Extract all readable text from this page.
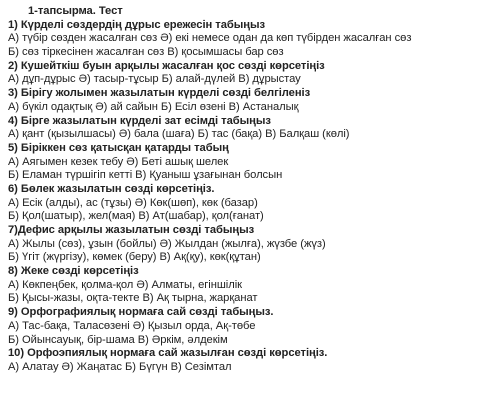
1-тапсырма. Тест
1) Күрделі сөздердің дұрыс ережесін табыңыз
А) түбір сөзден жасалған сөз Ә) екі немесе одан да көп түбірден жасалған сөз
Б) сөз тіркесінен жасалған сөз В) қосымшасы бар сөз
2) Кушейткіш буын арқылы жасалған қос сөзді көрсетіңіз
А) дұп-дұрыс Ә) тасыр-тұсыр Б) алай-дүлей В) дұрыстау
3) Бірігу жолымен жазылатын күрделі сөзді белгіленіз
А) бүкіл одақтық Ә) ай сайын Б) Есіл өзені В) Астаналық
4) Бірге жазылатын күрделі зат есімді табыңыз
А) қант (қызылшасы) Ә) бала (шаға) Б) тас (бақа) В) Балқаш (көлі)
5) Біріккен сөз қатысқан қатарды табың
А) Аягымен кезек тебу Ә) Беті ашық шелек
Б) Еламан түршігіп кетті В) Қуаныш ұзағынан болсын
6) Бөлек жазылатын сөзді көрсетіңіз.
А) Есік (алды), ас (тұзы) Ә) Көк(шөп), көк (базар)
Б) Қол(шатыр), жел(мая) В) Ат(шабар), қол(ғанат)
7)Дефис арқылы жазылатын сөзді табыңыз
А) Жылы (сөз), ұзын (бойлы) Ә) Жылдан (жылға), жүзбе (жүз)
Б) Үгіт (жүргізу), көмек (беру) В) Ақ(қу), көк(құтан)
8) Жеке сөзді көрсетіңіз
А) Көкпеңбек, қолма-қол Ә) Алматы, егіншілік
Б) Қысы-жазы, оқта-текте В) Ақ тырна, жарқанат
9) Орфографиялық нормаға сай сөзді табыңыз.
А) Тас-бақа, Таласөзені Ә) Қызыл орда, Ақ-төбе
Б) Ойынсауық, бір-шама В) Әркім, әлдекім
10) Орфоэпиялық нормаға сай жазылған сөзді көрсетіңіз.
А) Алатау Ә) Жаңатас Б) Бүгүн В) Сезімтал
